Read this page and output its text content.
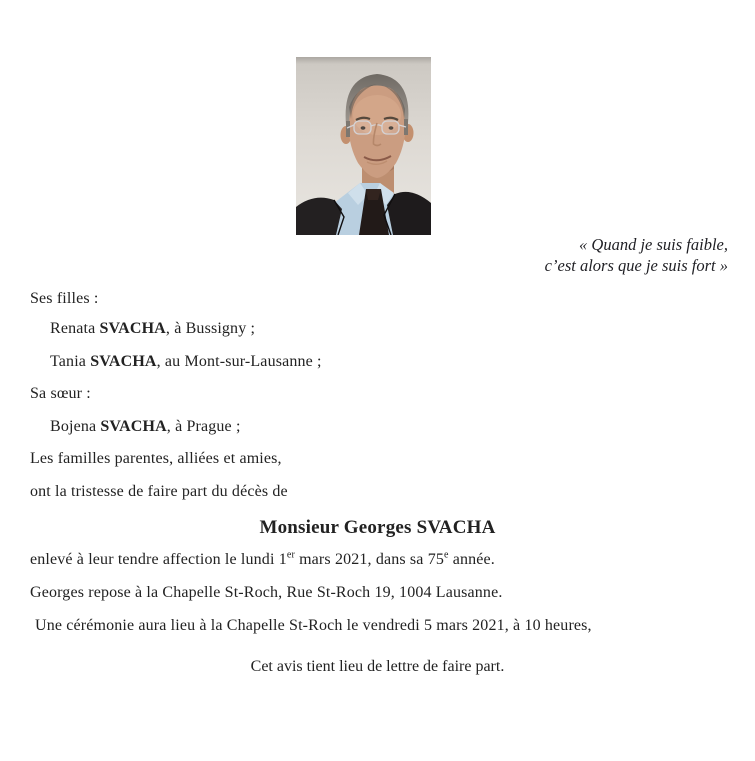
« Quand je suis faible,
c’est alors que je suis fort »
Ses filles :
Renata SVACHA, à Bussigny ;
Tania SVACHA, au Mont-sur-Lausanne ;
Sa sœur :
Bojena SVACHA, à Prague ;
Les familles parentes, alliées et amies,
ont la tristesse de faire part du décès de
Monsieur Georges SVACHA
enlevé à leur tendre affection le lundi 1er mars 2021, dans sa 75e année.
Georges repose à la Chapelle St-Roch, Rue St-Roch 19, 1004 Lausanne.
Une cérémonie aura lieu à la Chapelle St-Roch le vendredi 5 mars 2021, à 10 heures,
Cet avis tient lieu de lettre de faire part.
